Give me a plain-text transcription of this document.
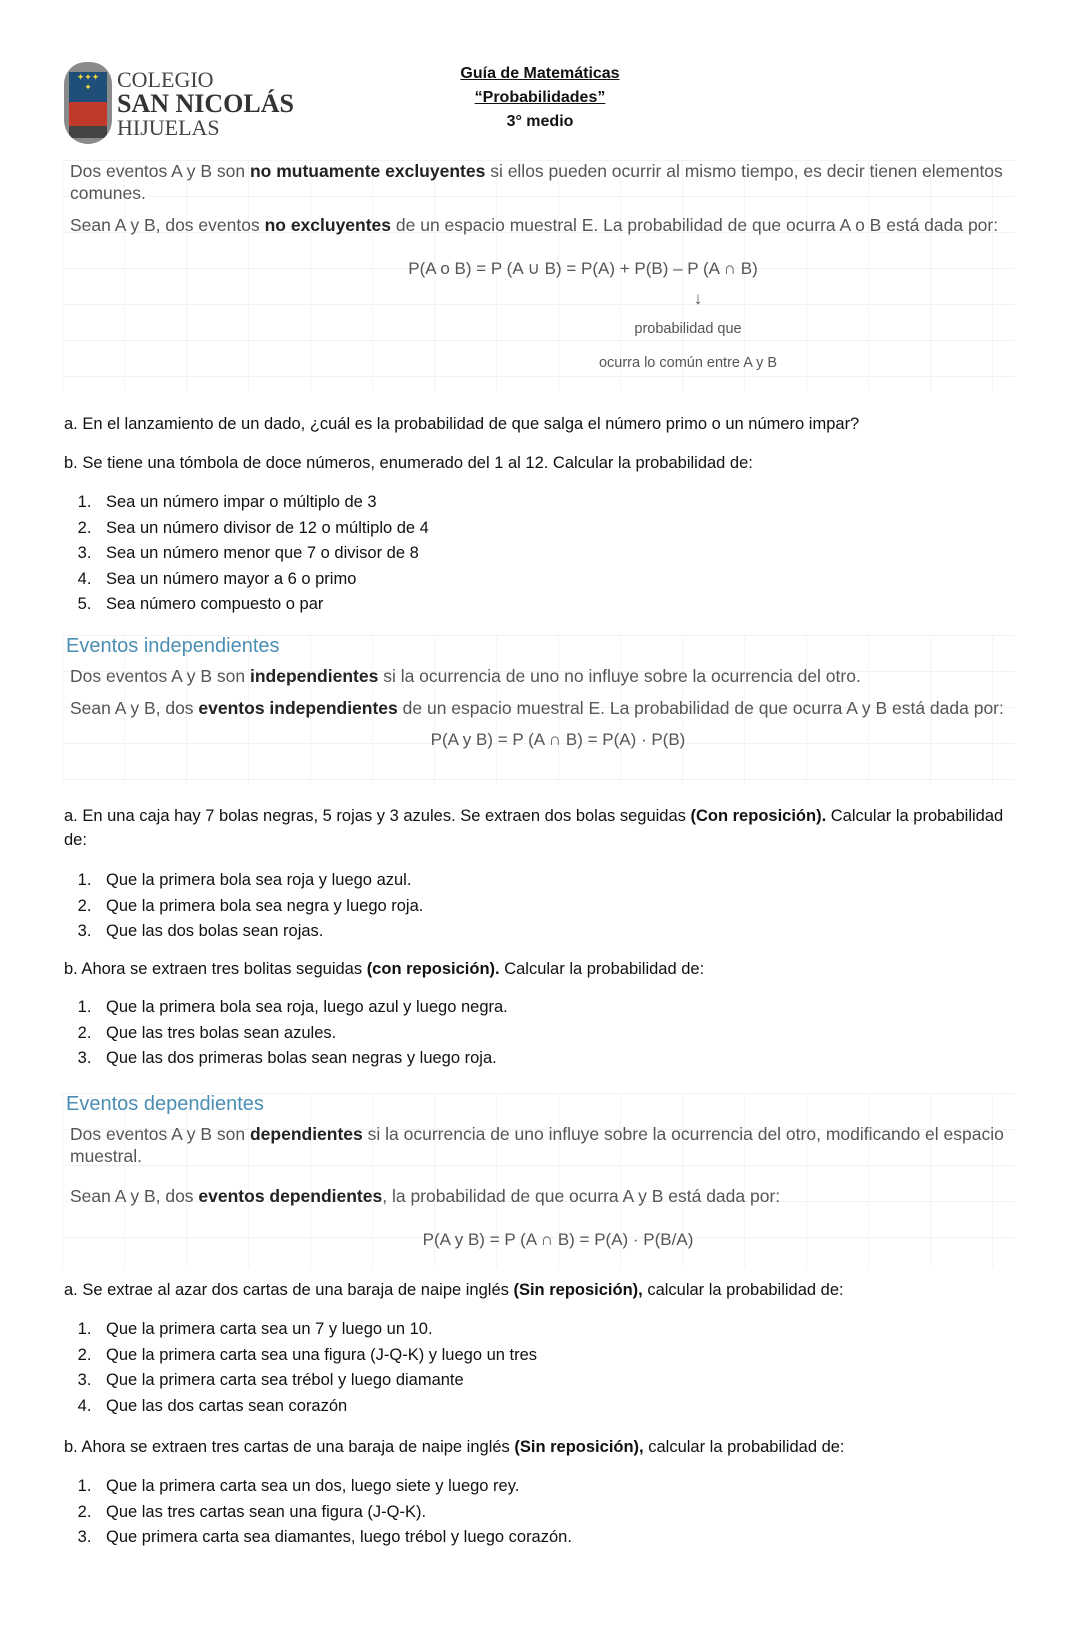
✦✦✦
✦	COLEGIO
SAN NICOLÁS
HIJUELAS
Guía de Matemáticas
“Probabilidades”
3° medio

Dos eventos A y B son no mutuamente excluyentes si ellos pueden ocurrir al mismo tiempo, es decir tienen elementos comunes.

Sean A y B, dos eventos no excluyentes de un espacio muestral E. La probabilidad de que ocurra A o B está dada por:

P(A o B) = P (A ∪ B) = P(A) + P(B) – P (A ∩ B)
↓
probabilidad que
ocurra lo común entre A y B
a. En el lanzamiento de un dado, ¿cuál es la probabilidad de que salga el número primo o un número impar?
b. Se tiene una tómbola de doce números, enumerado del 1 al 12. Calcular la probabilidad de:
1. Sea un número impar o múltiplo de 3
2. Sea un número divisor de 12 o múltiplo de 4
3. Sea un número menor que 7 o divisor de 8
4. Sea un número mayor a 6 o primo
5. Sea número compuesto o par
Eventos independientes

Dos eventos A y B son independientes si la ocurrencia de uno no influye sobre la ocurrencia del otro.

Sean A y B, dos eventos independientes de un espacio muestral E. La probabilidad de que ocurra A y B está dada por:

P(A y B) = P (A ∩ B) = P(A) · P(B)
a. En una caja hay 7 bolas negras, 5 rojas y 3 azules. Se extraen dos bolas seguidas (Con reposición). Calcular la probabilidad de:
1. Que la primera bola sea roja y luego azul.
2. Que la primera bola sea negra y luego roja.
3. Que las dos bolas sean rojas.
b. Ahora se extraen tres bolitas seguidas (con reposición). Calcular la probabilidad de:
1. Que la primera bola sea roja, luego azul y luego negra.
2. Que las tres bolas sean azules.
3. Que las dos primeras bolas sean negras y luego roja.
Eventos dependientes

Dos eventos A y B son dependientes si la ocurrencia de uno influye sobre la ocurrencia del otro, modificando el espacio muestral.

Sean A y B, dos eventos dependientes, la probabilidad de que ocurra A y B está dada por:

P(A y B) = P (A ∩ B) = P(A) · P(B/A)
a. Se extrae al azar dos cartas de una baraja de naipe inglés (Sin reposición), calcular la probabilidad de:
1. Que la primera carta sea un 7 y luego un 10.
2. Que la primera carta sea una figura (J-Q-K) y luego un tres
3. Que la primera carta sea trébol y luego diamante
4. Que las dos cartas sean corazón
b. Ahora se extraen tres cartas de una baraja de naipe inglés (Sin reposición), calcular la probabilidad de:
1. Que la primera carta sea un dos, luego siete y luego rey.
2. Que las tres cartas sean una figura (J-Q-K).
3. Que primera carta sea diamantes, luego trébol y luego corazón.
